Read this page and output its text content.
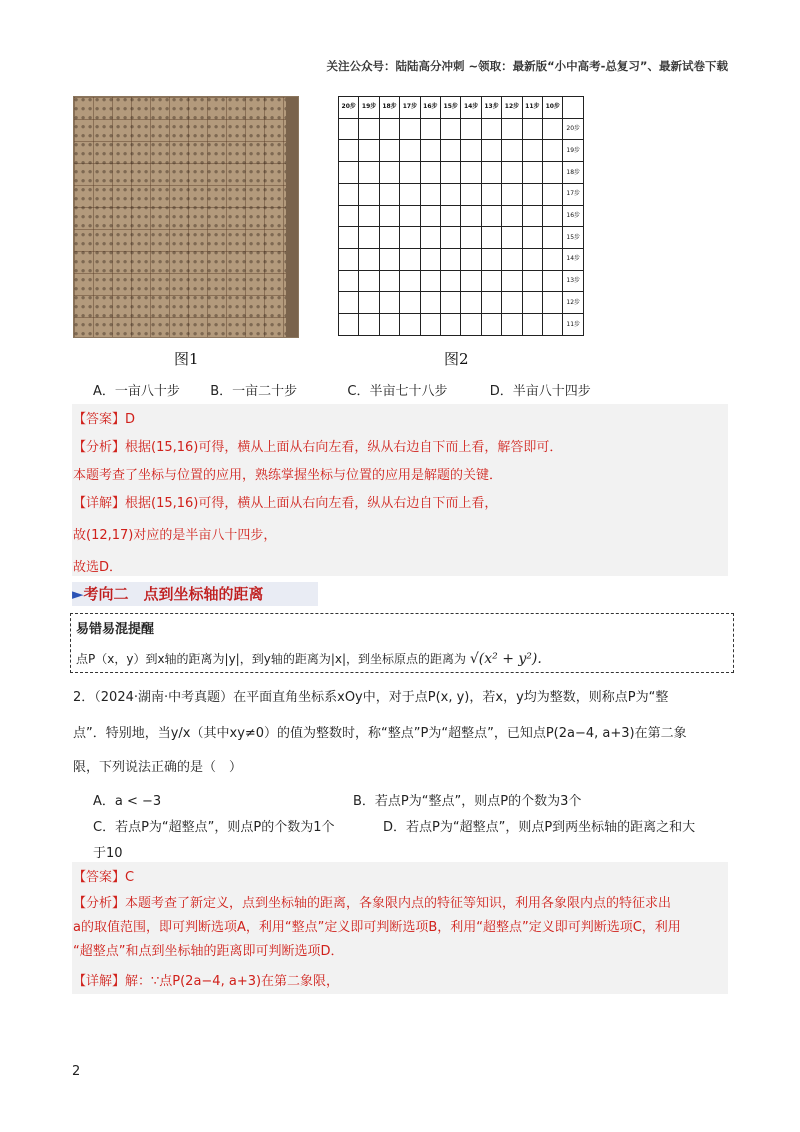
关注公众号：陆陆高分冲刺 ~领取：最新版“小中高考-总复习”、最新试卷下载
图1
20步	19步	18步	17步	16步	15步	14步	13步	12步	11步	10步	
											20步
											19步
											18步
											17步
											16步
											15步
											14步
											13步
											12步
											11步
图2
A．一亩八十步 B．一亩二十步	C．半亩七十八步	D．半亩八十四步
【答案】D
【分析】根据(15,16)可得，横从上面从右向左看，纵从右边自下而上看，解答即可．
本题考查了坐标与位置的应用，熟练掌握坐标与位置的应用是解题的关键．
【详解】根据(15,16)可得，横从上面从右向左看，纵从右边自下而上看，
故(12,17)对应的是半亩八十四步，
故选D．
►考向二　点到坐标轴的距离
易错易混提醒
点P（x，y）到x轴的距离为|y|，到y轴的距离为|x|，到坐标原点的距离为 √(x² + y²).
2．（2024·湖南·中考真题）在平面直角坐标系xOy中，对于点P(x, y)，若x，y均为整数，则称点P为“整
点”．特别地，当y/x（其中xy≠0）的值为整数时，称“整点”P为“超整点”，已知点P(2a−4, a+3)在第二象
限，下列说法正确的是（　）
A．a < −3	B．若点P为“整点”，则点P的个数为3个
C．若点P为“超整点”，则点P的个数为1个	D．若点P为“超整点”，则点P到两坐标轴的距离之和大
于10
【答案】C
【分析】本题考查了新定义，点到坐标轴的距离，各象限内点的特征等知识，利用各象限内点的特征求出
a的取值范围，即可判断选项A，利用“整点”定义即可判断选项B，利用“超整点”定义即可判断选项C，利用
“超整点”和点到坐标轴的距离即可判断选项D．
【详解】解：∵点P(2a−4, a+3)在第二象限，
2
